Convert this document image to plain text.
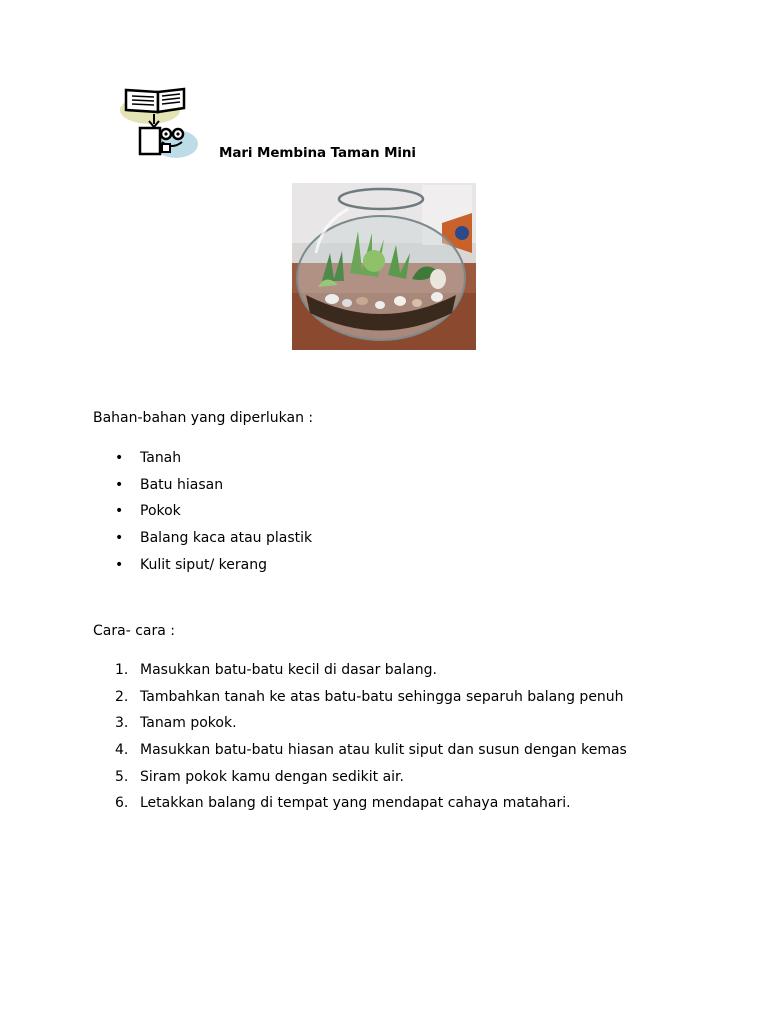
Mari Membina Taman Mini
Bahan-bahan yang diperlukan :
• Tanah
• Batu hiasan
• Pokok
• Balang kaca atau plastik
• Kulit siput/ kerang
Cara- cara :
1. Masukkan batu-batu kecil di dasar balang.
2. Tambahkan tanah ke atas batu-batu sehingga separuh balang penuh
3. Tanam pokok.
4. Masukkan batu-batu hiasan atau kulit siput dan susun dengan kemas
5. Siram pokok kamu dengan sedikit air.
6. Letakkan balang di tempat yang mendapat cahaya matahari.
